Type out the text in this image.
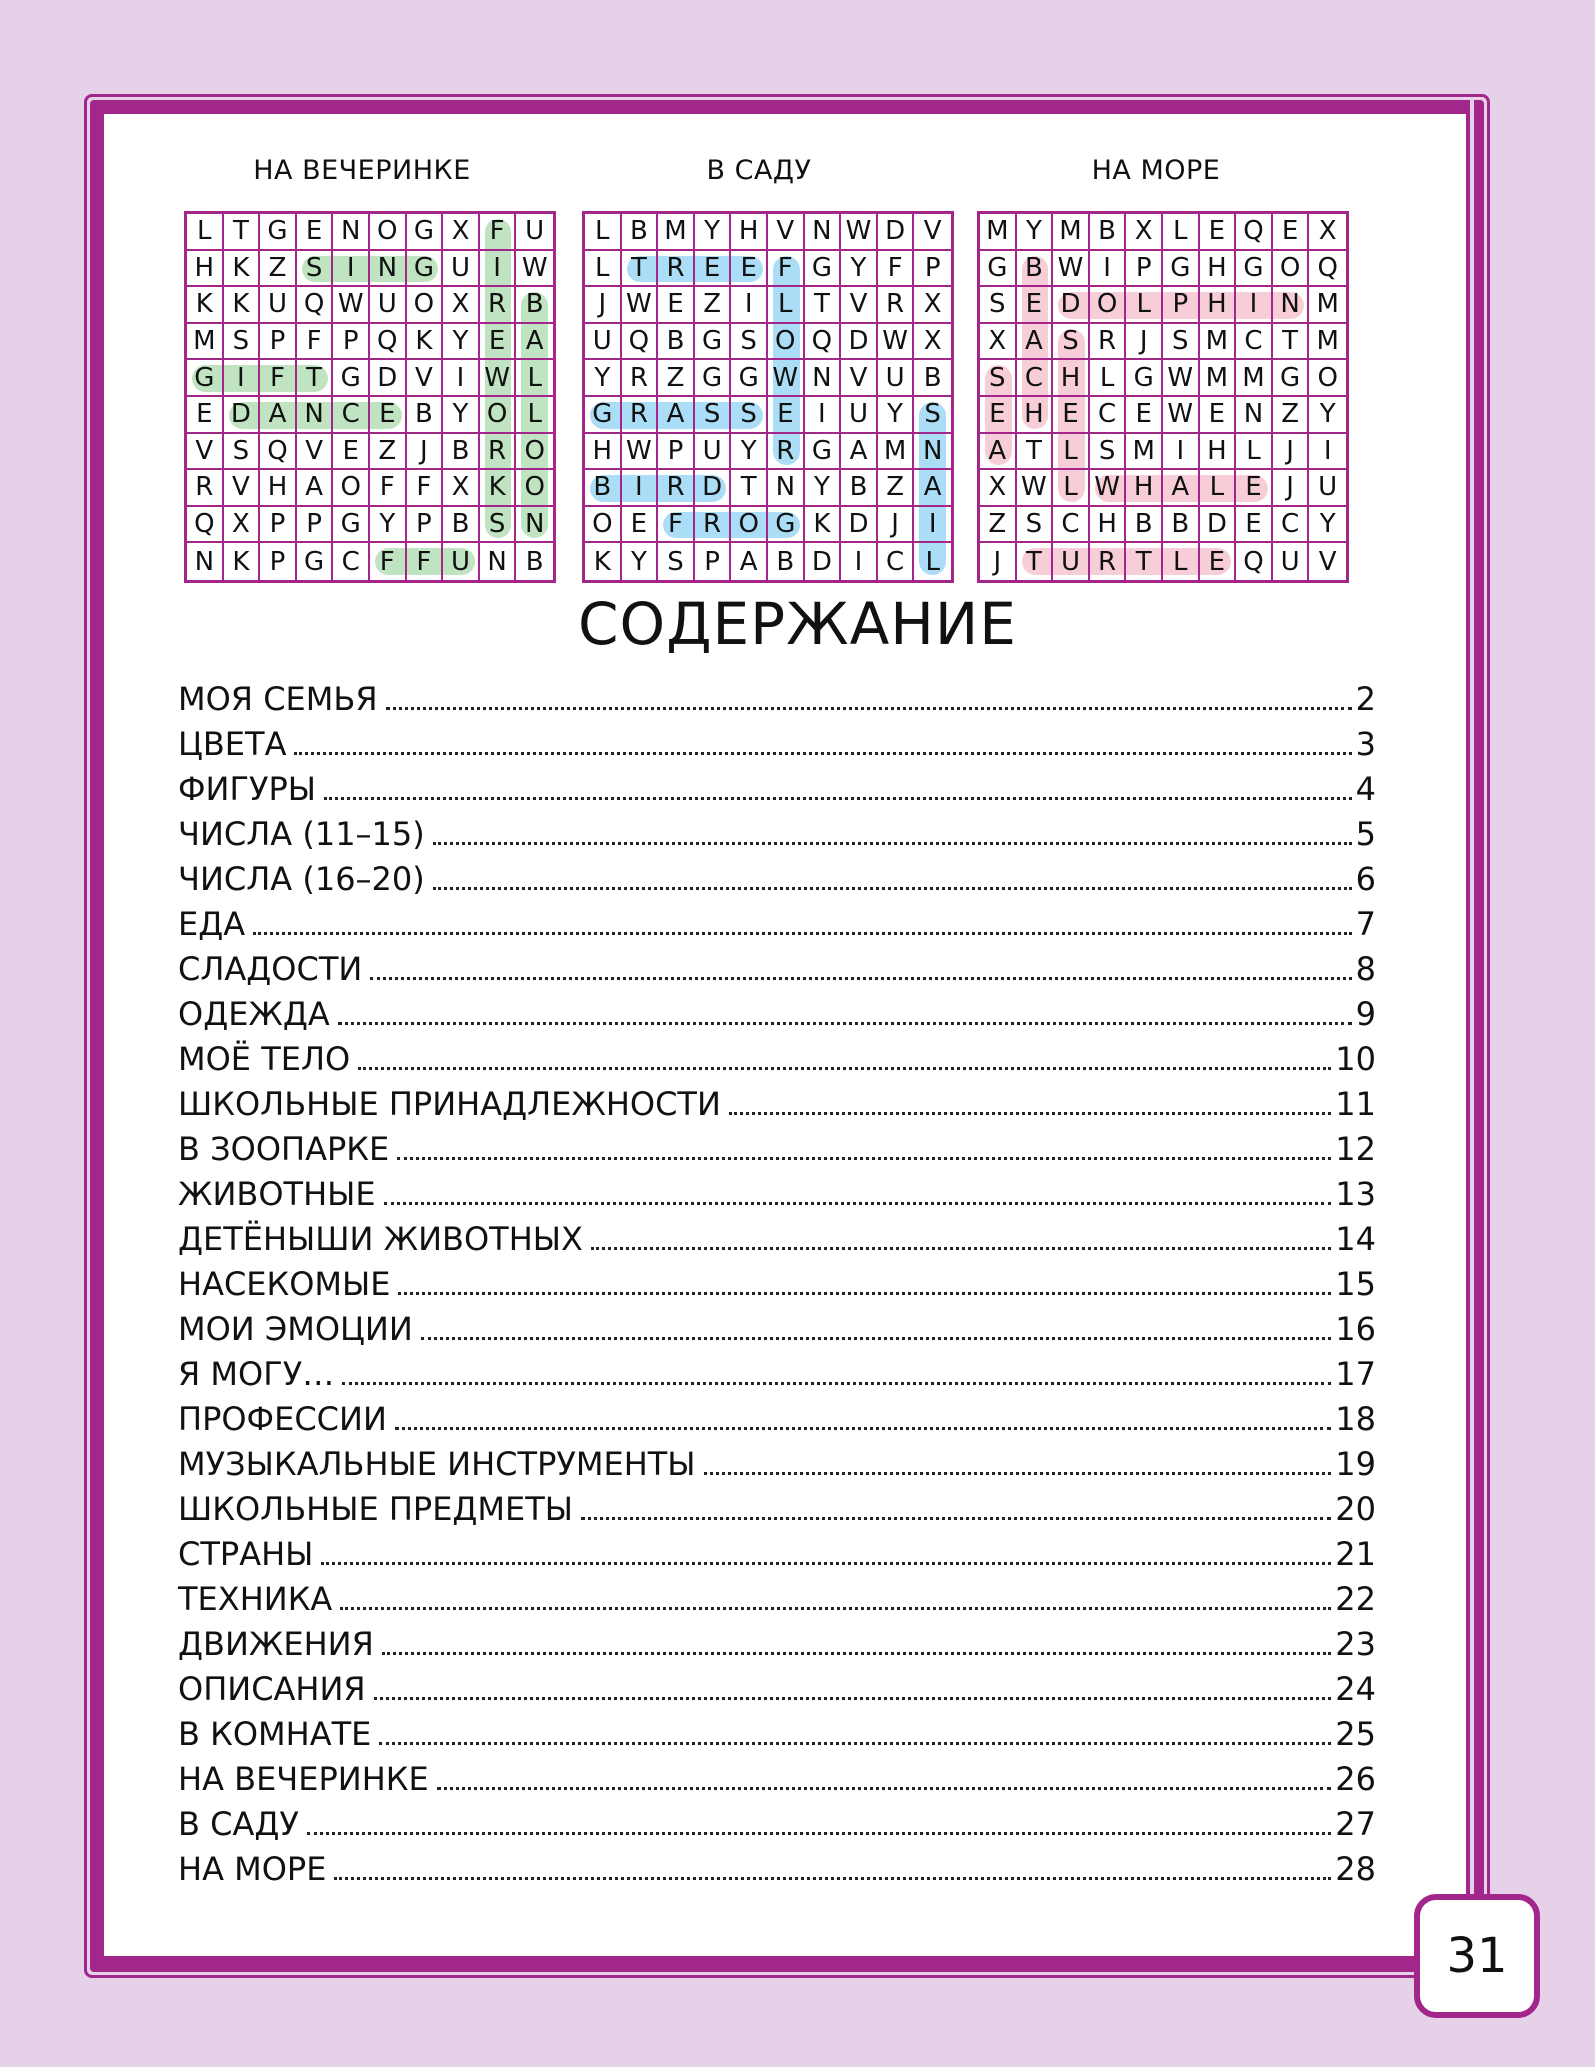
НА ВЕЧЕРИНКЕ	В САДУ	НА МОРЕ
L T G E N O G X F U
H K Z S I N G U I W
K K U Q W U O X R B
M S P F P Q K Y E A
G I F T G D V I W L
E D A N C E B Y O L
V S Q V E Z J B R O
R V H A O F F X K O
Q X P P G Y P B S N
N K P G C F F U N B
L B M Y H V N W D V
L T R E E F G Y F P
J W E Z I L T V R X
U Q B G S O Q D W X
Y R Z G G W N V U B
G R A S S E I U Y S
H W P U Y R G A M N
B I R D T N Y B Z A
O E F R O G K D J	I
K Y S P A B D I C L
M Y M B X L E Q E X
G B W I P G H G O Q
S E D O L P H I N M
X A S R J S M C T M
S C H L G W M M G O
E H E C E W E N Z Y
A T L S M I H L J	I
X W L W H A L E J U
Z S C H B B D E C Y
J T U R T L E Q U V
СОДЕРЖАНИЕ
МОЯ СЕМЬЯ	2
ЦВЕТА	3
ФИГУРЫ	4
ЧИСЛА (11–15)	5
ЧИСЛА (16–20)	6
ЕДА	7
СЛАДОСТИ	8
ОДЕЖДА	9
МОЁ ТЕЛО	10
ШКОЛЬНЫЕ ПРИНАДЛЕЖНОСТИ	11
В ЗООПАРКЕ	12
ЖИВОТНЫЕ	13
ДЕТЁНЫШИ ЖИВОТНЫХ	14
НАСЕКОМЫЕ	15
МОИ ЭМОЦИИ	16
Я МОГУ…	17
ПРОФЕССИИ	18
МУЗЫКАЛЬНЫЕ ИНСТРУМЕНТЫ	19
ШКОЛЬНЫЕ ПРЕДМЕТЫ	20
СТРАНЫ	21
ТЕХНИКА	22
ДВИЖЕНИЯ	23
ОПИСАНИЯ	24
В КОМНАТЕ	25
НА ВЕЧЕРИНКЕ	26
В САДУ	27
НА МОРЕ	28
31
